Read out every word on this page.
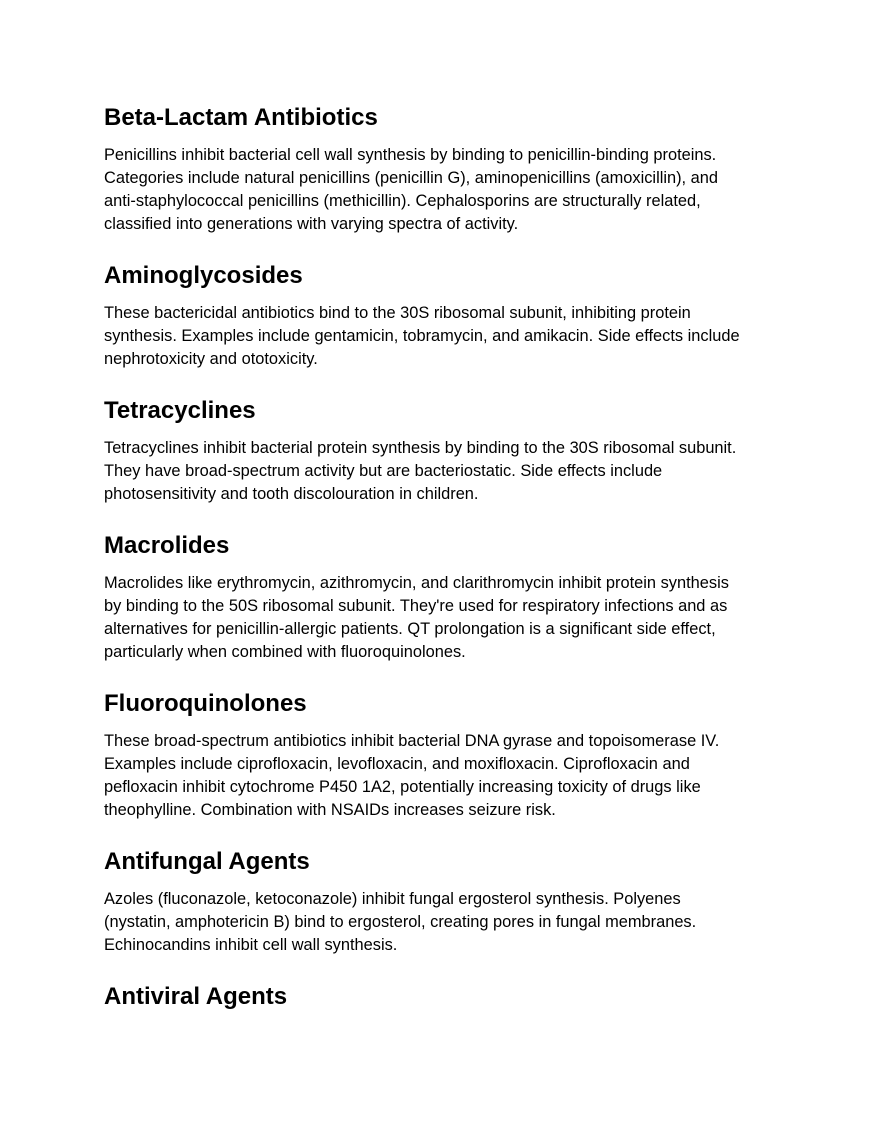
Beta-Lactam Antibiotics
Penicillins inhibit bacterial cell wall synthesis by binding to penicillin-binding proteins.
Categories include natural penicillins (penicillin G), aminopenicillins (amoxicillin), and
anti-staphylococcal penicillins (methicillin). Cephalosporins are structurally related,
classified into generations with varying spectra of activity.
Aminoglycosides
These bactericidal antibiotics bind to the 30S ribosomal subunit, inhibiting protein
synthesis. Examples include gentamicin, tobramycin, and amikacin. Side effects include
nephrotoxicity and ototoxicity.
Tetracyclines
Tetracyclines inhibit bacterial protein synthesis by binding to the 30S ribosomal subunit.
They have broad-spectrum activity but are bacteriostatic. Side effects include
photosensitivity and tooth discolouration in children.
Macrolides
Macrolides like erythromycin, azithromycin, and clarithromycin inhibit protein synthesis
by binding to the 50S ribosomal subunit. They're used for respiratory infections and as
alternatives for penicillin-allergic patients. QT prolongation is a significant side effect,
particularly when combined with fluoroquinolones.
Fluoroquinolones
These broad-spectrum antibiotics inhibit bacterial DNA gyrase and topoisomerase IV.
Examples include ciprofloxacin, levofloxacin, and moxifloxacin. Ciprofloxacin and
pefloxacin inhibit cytochrome P450 1A2, potentially increasing toxicity of drugs like
theophylline. Combination with NSAIDs increases seizure risk.
Antifungal Agents
Azoles (fluconazole, ketoconazole) inhibit fungal ergosterol synthesis. Polyenes
(nystatin, amphotericin B) bind to ergosterol, creating pores in fungal membranes.
Echinocandins inhibit cell wall synthesis.
Antiviral Agents
